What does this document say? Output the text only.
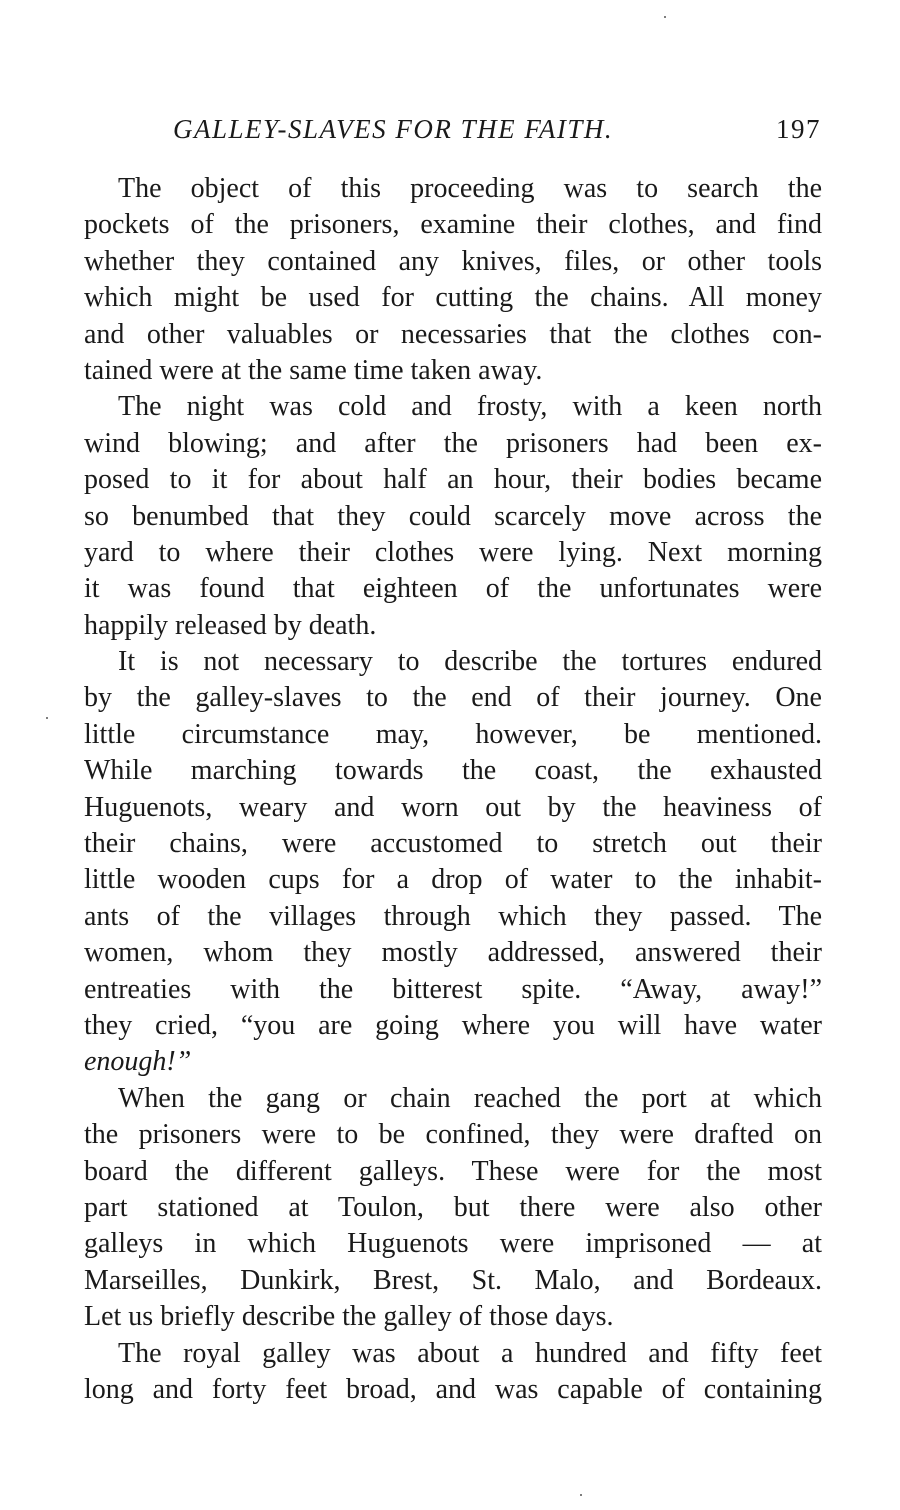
GALLEY-SLAVES FOR THE FAITH.	197
The object of this proceeding was to search the
pockets of the prisoners, examine their clothes, and find
whether they contained any knives, files, or other tools
which might be used for cutting the chains. All money
and other valuables or necessaries that the clothes con-
tained were at the same time taken away.
The night was cold and frosty, with a keen north
wind blowing; and after the prisoners had been ex-
posed to it for about half an hour, their bodies became
so benumbed that they could scarcely move across the
yard to where their clothes were lying. Next morning
it was found that eighteen of the unfortunates were
happily released by death.
It is not necessary to describe the tortures endured
by the galley-slaves to the end of their journey. One
little circumstance may, however, be mentioned.
While marching towards the coast, the exhausted
Huguenots, weary and worn out by the heaviness of
their chains, were accustomed to stretch out their
little wooden cups for a drop of water to the inhabit-
ants of the villages through which they passed. The
women, whom they mostly addressed, answered their
entreaties with the bitterest spite. “Away, away!”
they cried, “you are going where you will have water
enough!”
When the gang or chain reached the port at which
the prisoners were to be confined, they were drafted on
board the different galleys. These were for the most
part stationed at Toulon, but there were also other
galleys in which Huguenots were imprisoned — at
Marseilles, Dunkirk, Brest, St. Malo, and Bordeaux.
Let us briefly describe the galley of those days.
The royal galley was about a hundred and fifty feet
long and forty feet broad, and was capable of containing
